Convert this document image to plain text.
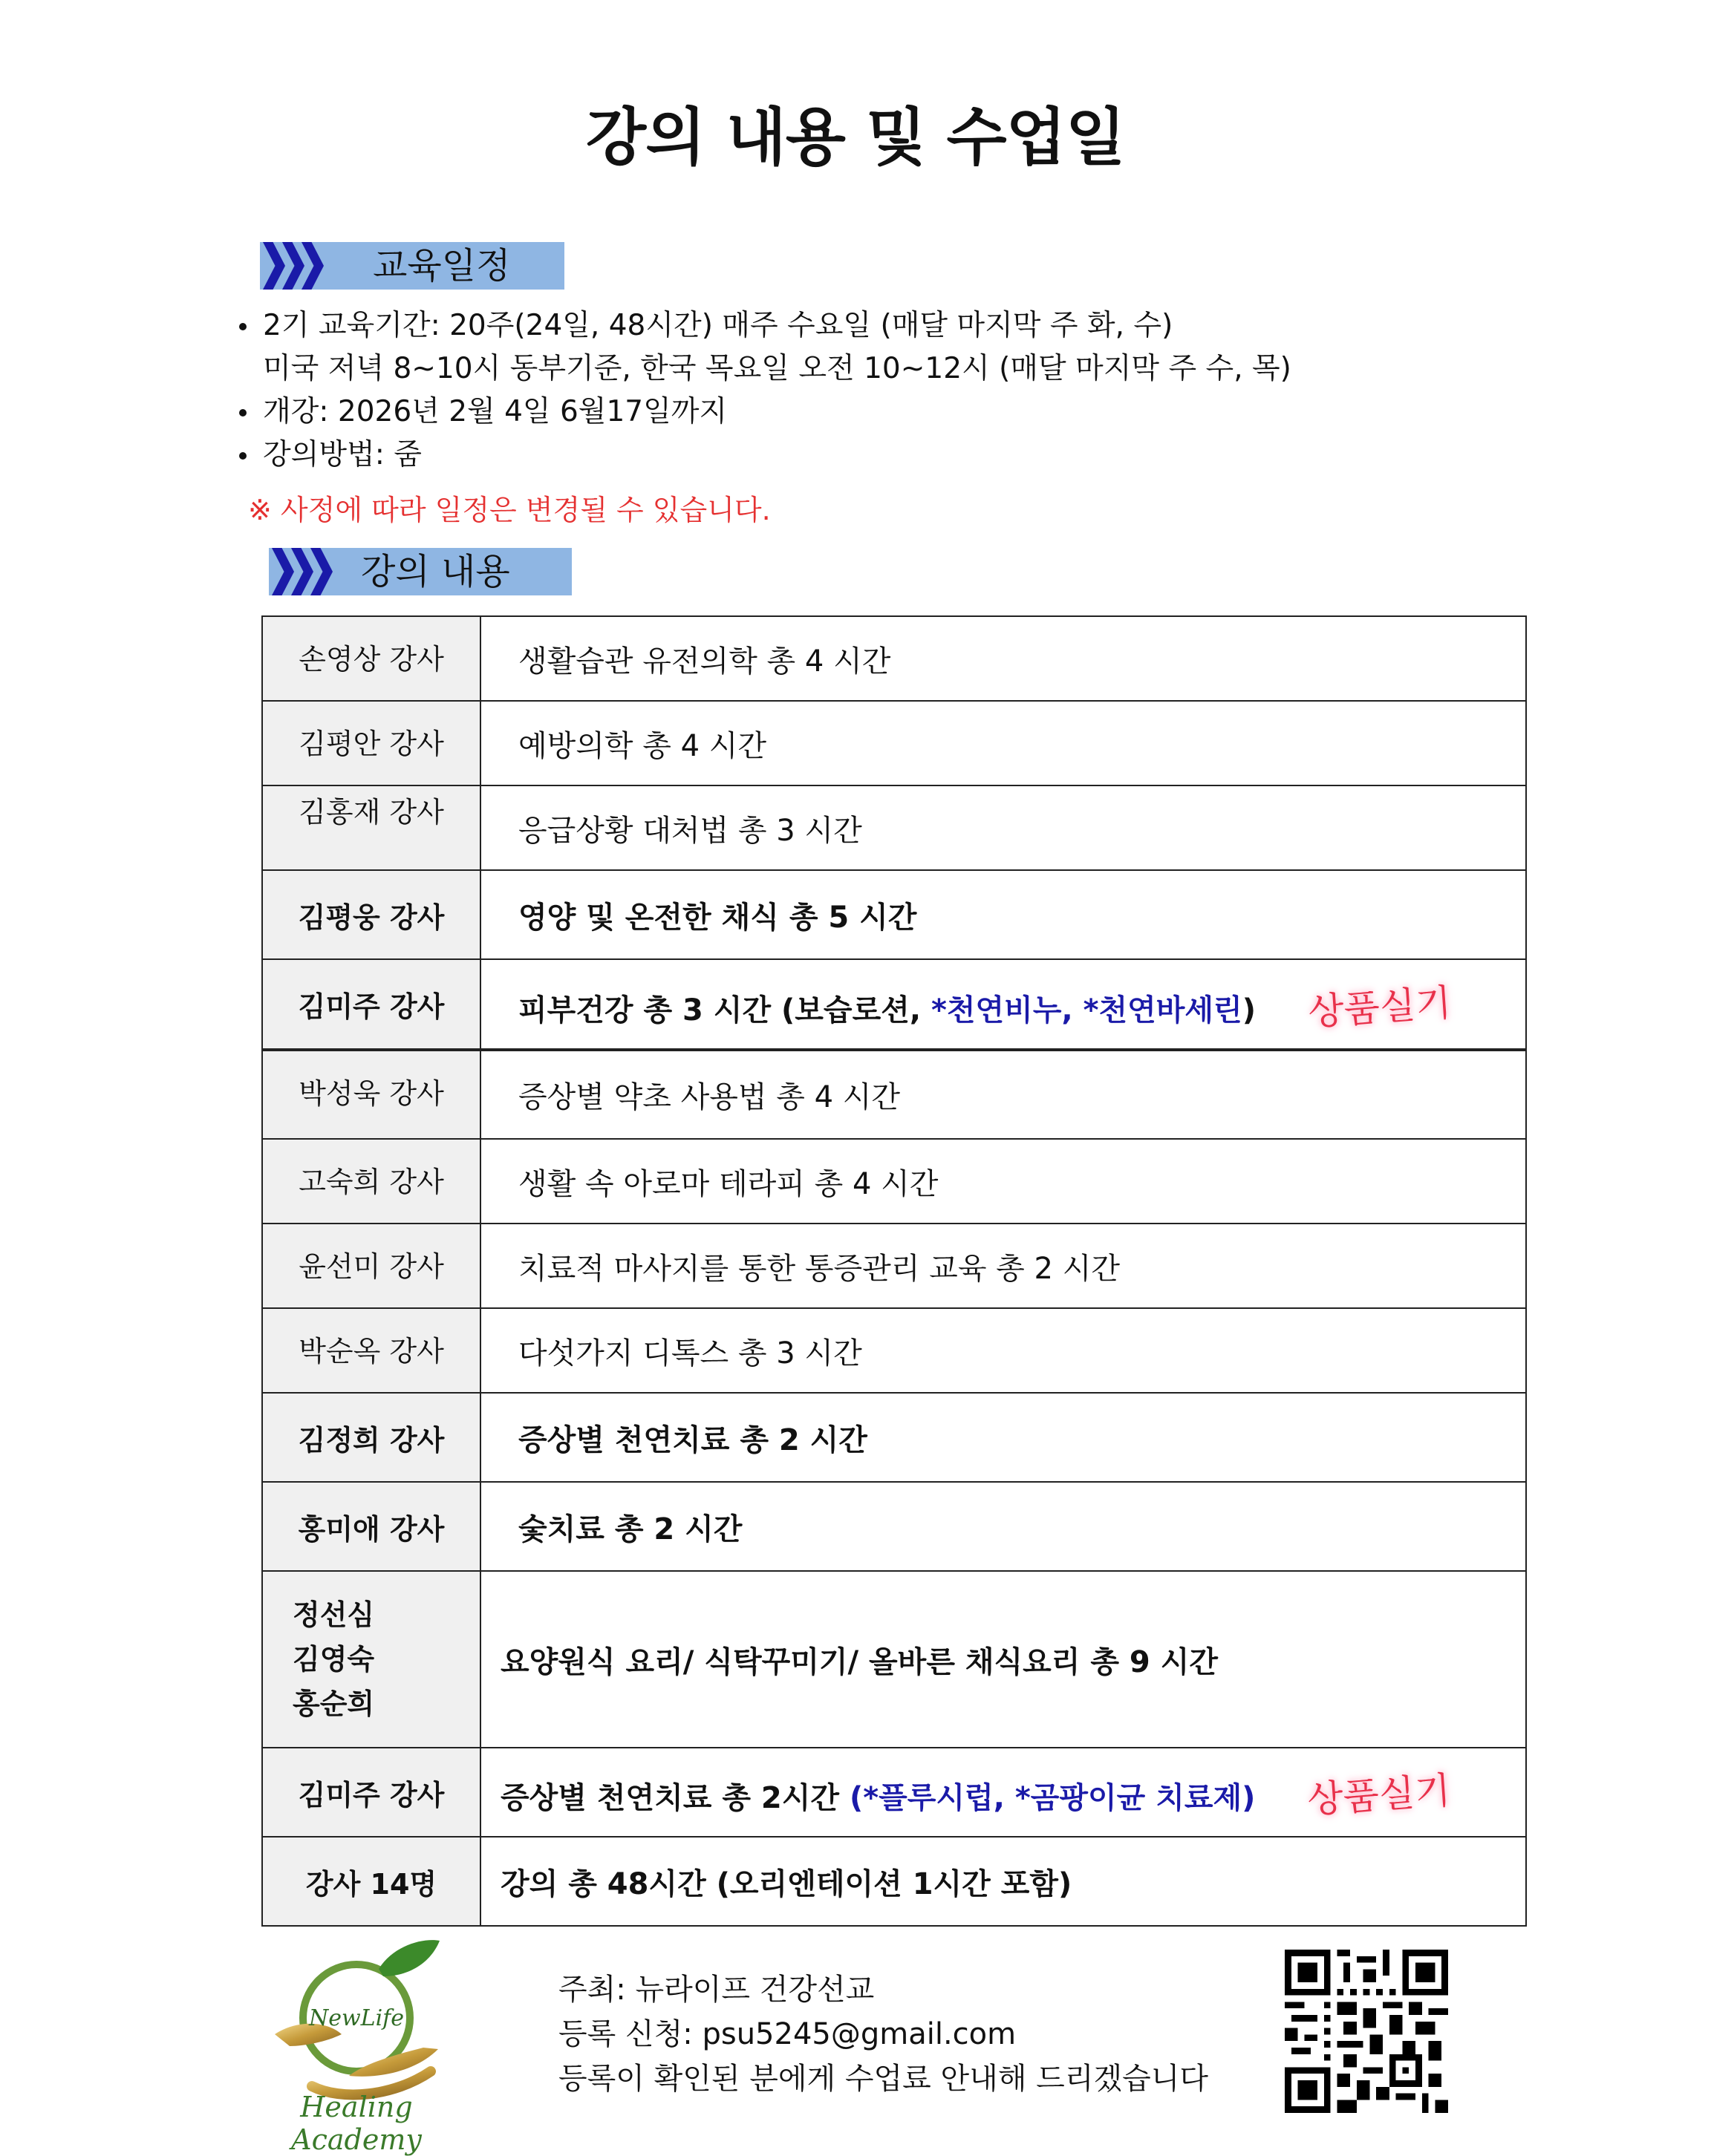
강의 내용 및 수업일
교육일정
2기 교육기간: 20주(24일, 48시간) 매주 수요일 (매달 마지막 주 화, 수)
미국 저녁 8~10시 동부기준, 한국 목요일 오전 10~12시 (매달 마지막 주 수, 목)
개강: 2026년 2월 4일 6월17일까지
강의방법: 줌
※ 사정에 따라 일정은 변경될 수 있습니다.
강의 내용
손영상 강사	생활습관 유전의학 총 4 시간
김평안 강사	예방의학 총 4 시간
김홍재 강사	응급상황 대처법 총 3 시간
김평웅 강사	영양 및 온전한 채식 총 5 시간
김미주 강사	피부건강 총 3 시간 (보습로션, *천연비누, *천연바세린) 상품실기
박성욱 강사	증상별 약초 사용법 총 4 시간
고숙희 강사	생활 속 아로마 테라피 총 4 시간
윤선미 강사	치료적 마사지를 통한 통증관리 교육 총 2 시간
박순옥 강사	다섯가지 디톡스 총 3 시간
김정희 강사	증상별 천연치료 총 2 시간
홍미애 강사	숯치료 총 2 시간

정선심
김영숙
홍순희	요양원식 요리/ 식탁꾸미기/ 올바른 채식요리 총 9 시간
김미주 강사	증상별 천연치료 총 2시간 (*플루시럽, *곰팡이균 치료제) 상품실기
강사 14명	강의 총 48시간 (오리엔테이션 1시간 포함)
NewLife
Healing Academy
주최: 뉴라이프 건강선교
등록 신청: psu5245@gmail.com
등록이 확인된 분에게 수업료 안내해 드리겠습니다
